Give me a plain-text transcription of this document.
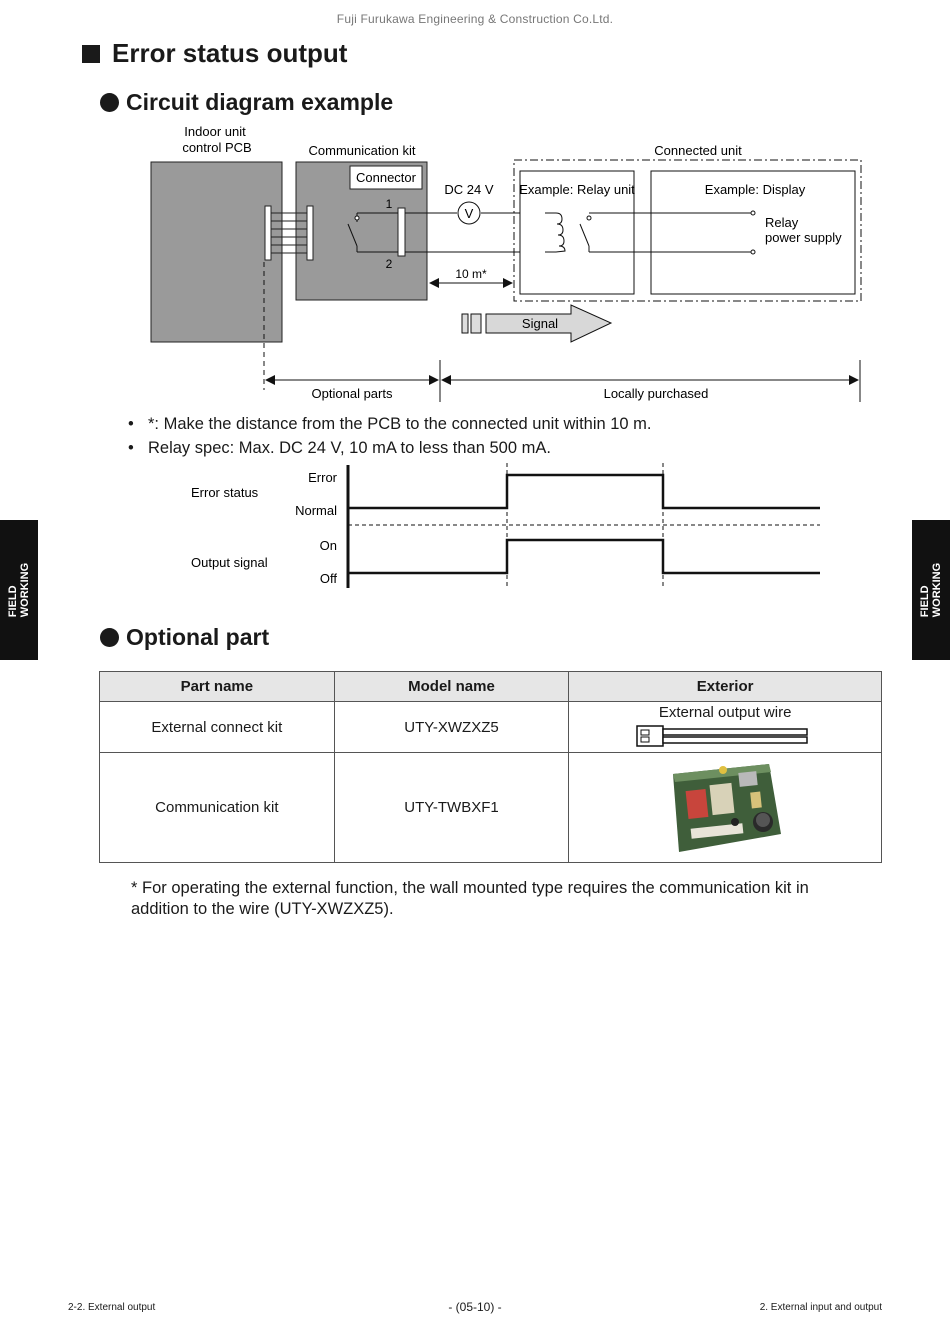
Fuji Furukawa Engineering & Construction Co.Ltd.
Error status output
Circuit diagram example
Indoor unit
control PCB	Communication kit	Connected unit
Connector
1
2
DC 24 V
V
Example: Relay unit	Example: Display
Relay
power supply
10 m*
Signal
Optional parts	Locally purchased
• *: Make the distance from the PCB to the connected unit within 10 m.
• Relay spec: Max. DC 24 V, 10 mA to less than 500 mA.
Error status
Output signal
Error
Normal
On
Off
FIELD
WORKING	FIELD
WORKING
Optional part
Part name	Model name	Exterior
External connect kit	UTY-XWZXZ5	External output wire

Communication kit	UTY-TWBXF1	
* For operating the external function, the wall mounted type requires the communication kit in addition to the wire (UTY-XWZXZ5).
2-2. External output	- (05-10) -	2. External input and output
